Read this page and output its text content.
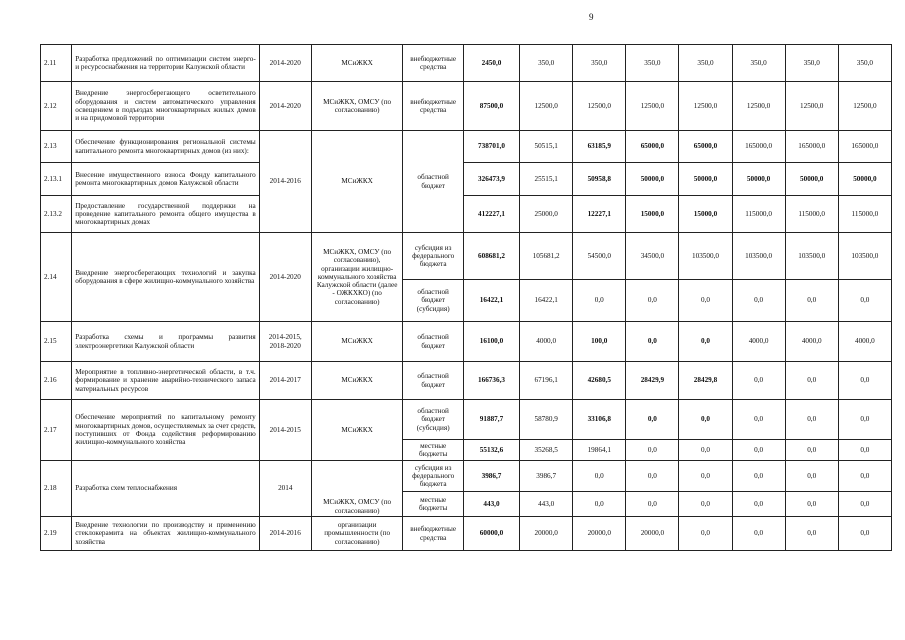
9
2.11	Разработка предложений по оптимизации систем энерго- и ресурсоснабжения на территории Калужской области	2014-2020	МСиЖКХ	внебюджетные средства	2450,0	350,0	350,0	350,0	350,0	350,0	350,0	350,0
2.12	Внедрение энергосберегающего осветительного оборудования и систем автоматического управления освещением в подъездах многоквартирных жилых домов и на придомовой территории	2014-2020	МСиЖКХ, ОМСУ (по согласованию)	внебюджетные средства	87500,0	12500,0	12500,0	12500,0	12500,0	12500,0	12500,0	12500,0
2.13	Обеспечение функционирования региональной системы капитального ремонта многоквартирных домов (из них):	2014-2016	МСиЖКХ	областной бюджет	738701,0	50515,1	63185,9	65000,0	65000,0	165000,0	165000,0	165000,0
2.13.1	Внесение имущественного взноса Фонду капитального ремонта многоквартирных домов Калужской области				326473,9	25515,1	50958,8	50000,0	50000,0	50000,0	50000,0	50000,0
2.13.2	Предоставление государственной поддержки на проведение капитального ремонта общего имущества в многоквартирных домах				412227,1	25000,0	12227,1	15000,0	15000,0	115000,0	115000,0	115000,0
2.14	Внедрение энергосберегающих технологий и закупка оборудования в сфере жилищно-коммунального хозяйства	2014-2020	МСиЖКХ, ОМСУ (по согласованию), организации жилищно-коммунального хозяйства Калужской области (далее - ОЖКХКО) (по согласованию)	субсидия из федерального бюджета	608681,2	105681,2	54500,0	34500,0	103500,0	103500,0	103500,0	103500,0
				областной бюджет (субсидия)	16422,1	16422,1	0,0	0,0	0,0	0,0	0,0	0,0
2.15	Разработка схемы и программы развития электроэнергетики Калужской области	2014-2015, 2018-2020	МСиЖКХ	областной бюджет	16100,0	4000,0	100,0	0,0	0,0	4000,0	4000,0	4000,0
2.16	Мероприятие в топливно-энергетической области, в т.ч. формирование и хранение аварийно-технического запаса материальных ресурсов	2014-2017	МСиЖКХ	областной бюджет	166736,3	67196,1	42680,5	28429,9	28429,8	0,0	0,0	0,0
2.17	Обеспечение мероприятий по капитальному ремонту многоквартирных домов, осуществляемых за счет средств, поступивших от Фонда содействия реформированию жилищно-коммунального хозяйства	2014-2015	МСиЖКХ	областной бюджет (субсидия)	91887,7	58780,9	33106,8	0,0	0,0	0,0	0,0	0,0
				местные бюджеты	55132,6	35268,5	19864,1	0,0	0,0	0,0	0,0	0,0
2.18	Разработка схем теплоснабжения	2014	МСиЖКХ, ОМСУ (по согласованию)	субсидия из федерального бюджета	3986,7	3986,7	0,0	0,0	0,0	0,0	0,0	0,0
				местные бюджеты	443,0	443,0	0,0	0,0	0,0	0,0	0,0	0,0
2.19	Внедрение технологии по производству и применению стеклокерамита на объектах жилищно-коммунального хозяйства	2014-2016	организации промышленности (по согласованию)	внебюджетные средства	60000,0	20000,0	20000,0	20000,0	0,0	0,0	0,0	0,0
